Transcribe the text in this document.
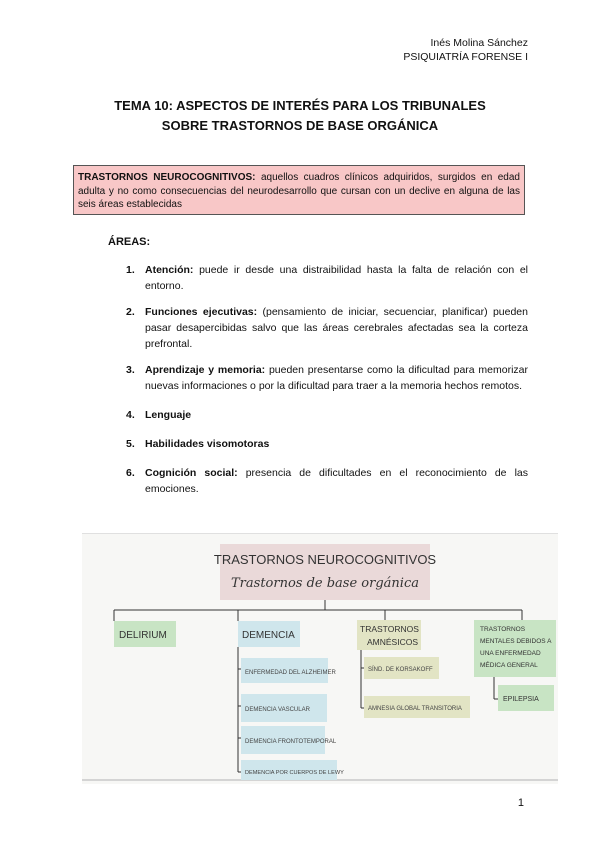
Inés Molina Sánchez
PSIQUIATRÍA FORENSE I
TEMA 10: ASPECTOS DE INTERÉS PARA LOS TRIBUNALES
SOBRE TRASTORNOS DE BASE ORGÁNICA
TRASTORNOS NEUROCOGNITIVOS: aquellos cuadros clínicos adquiridos, surgidos en edad adulta y no como consecuencias del neurodesarrollo que cursan con un declive en alguna de las seis áreas establecidas
ÁREAS:
1. Atención: puede ir desde una distraibilidad hasta la falta de relación con el entorno.
2. Funciones ejecutivas: (pensamiento de iniciar, secuenciar, planificar) pueden pasar desapercibidas salvo que las áreas cerebrales afectadas sea la corteza prefrontal.
3. Aprendizaje y memoria: pueden presentarse como la dificultad para memorizar nuevas informaciones o por la dificultad para traer a la memoria hechos remotos.
4. Lenguaje
5. Habilidades visomotoras
6. Cognición social: presencia de dificultades en el reconocimiento de las emociones.
TRASTORNOS NEUROCOGNITIVOS
Trastornos de base orgánica
DELIRIUM	DEMENCIA
TRASTORNOS
AMNÉSICOS
TRASTORNOS
MENTALES DEBIDOS A
UNA ENFERMEDAD
MÉDICA GENERAL
ENFERMEDAD DEL ALZHEIMER
DEMENCIA VASCULAR
DEMENCIA FRONTOTEMPORAL
DEMENCIA POR CUERPOS DE LEWY
SÍND. DE KORSAKOFF
AMNESIA GLOBAL TRANSITORIA
EPILEPSIA
1
